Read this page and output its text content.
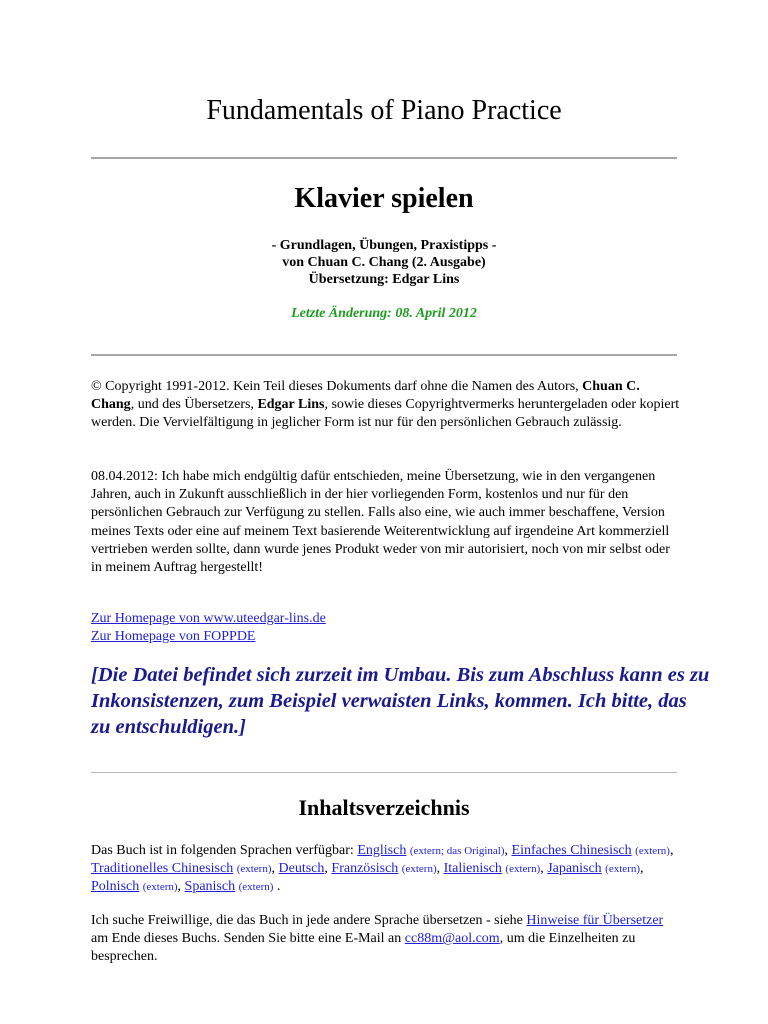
Fundamentals of Piano Practice
Klavier spielen
- Grundlagen, Übungen, Praxistipps -
von Chuan C. Chang (2. Ausgabe)
Übersetzung: Edgar Lins
Letzte Änderung: 08. April 2012
© Copyright 1991-2012. Kein Teil dieses Dokuments darf ohne die Namen des Autors, Chuan C. Chang, und des Übersetzers, Edgar Lins, sowie dieses Copyrightvermerks heruntergeladen oder kopiert werden. Die Vervielfältigung in jeglicher Form ist nur für den persönlichen Gebrauch zulässig.
08.04.2012: Ich habe mich endgültig dafür entschieden, meine Übersetzung, wie in den vergangenen Jahren, auch in Zukunft ausschließlich in der hier vorliegenden Form, kostenlos und nur für den persönlichen Gebrauch zur Verfügung zu stellen. Falls also eine, wie auch immer beschaffene, Version meines Texts oder eine auf meinem Text basierende Weiterentwicklung auf irgendeine Art kommerziell vertrieben werden sollte, dann wurde jenes Produkt weder von mir autorisiert, noch von mir selbst oder in meinem Auftrag hergestellt!
Zur Homepage von www.uteedgar-lins.de
Zur Homepage von FOPPDE
[Die Datei befindet sich zurzeit im Umbau. Bis zum Abschluss kann es zu Inkonsistenzen, zum Beispiel verwaisten Links, kommen. Ich bitte, das zu entschuldigen.]
Inhaltsverzeichnis
Das Buch ist in folgenden Sprachen verfügbar: Englisch (extern; das Original), Einfaches Chinesisch (extern), Traditionelles Chinesisch (extern), Deutsch, Französisch (extern), Italienisch (extern), Japanisch (extern), Polnisch (extern), Spanisch (extern) .
Ich suche Freiwillige, die das Buch in jede andere Sprache übersetzen - siehe Hinweise für Übersetzer am Ende dieses Buchs. Senden Sie bitte eine E-Mail an cc88m@aol.com, um die Einzelheiten zu besprechen.
